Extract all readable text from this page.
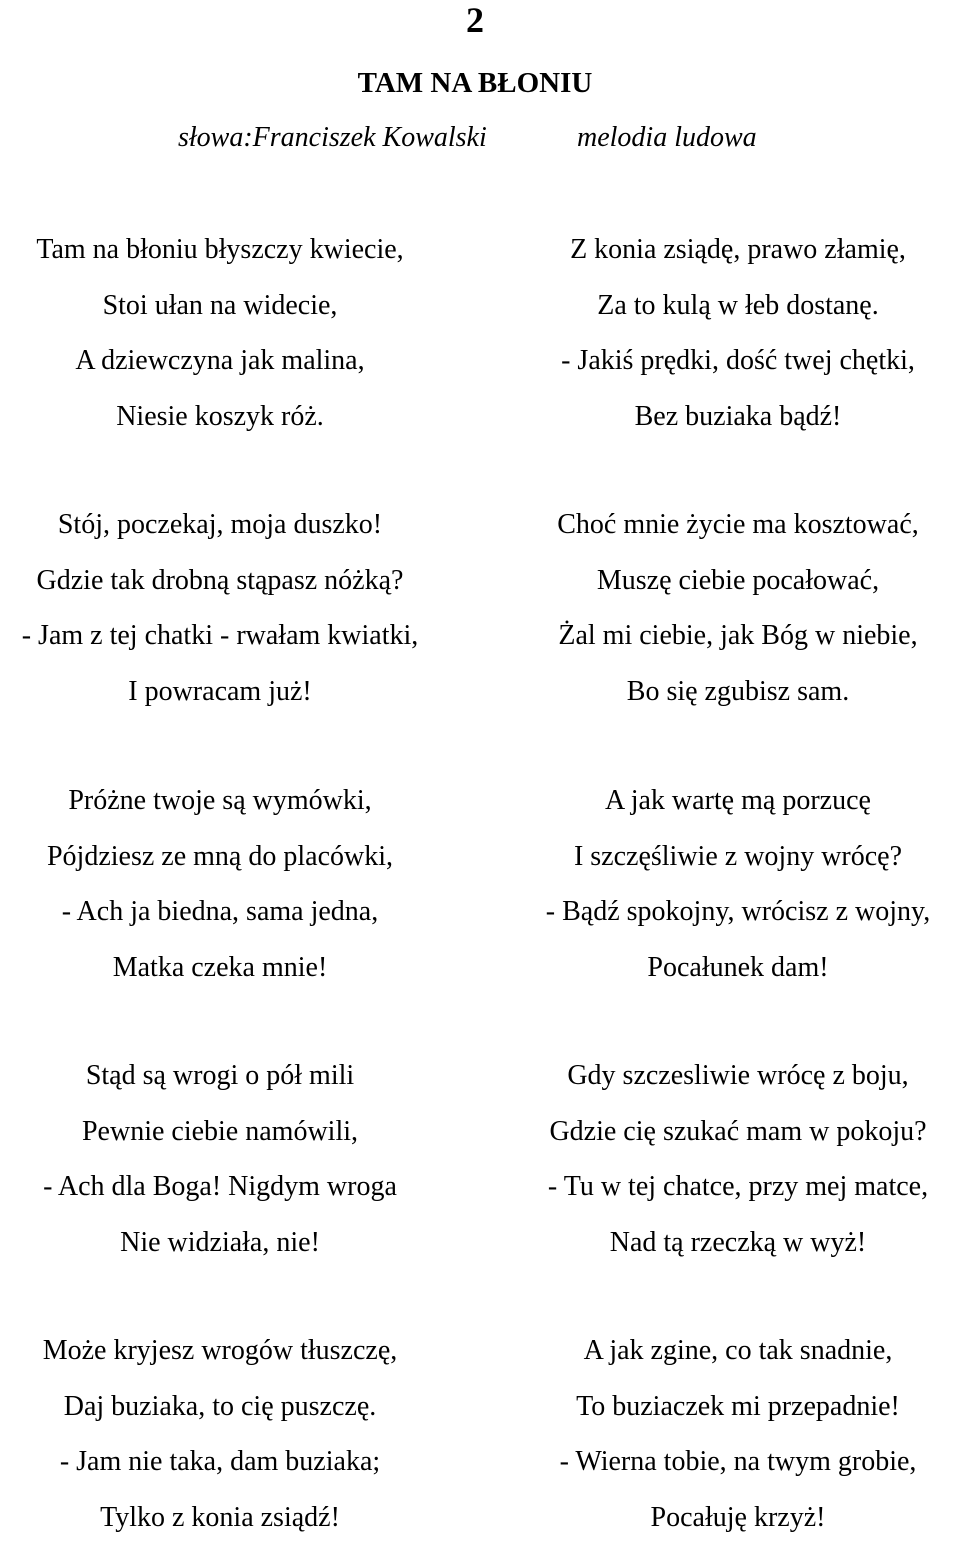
2
TAM NA BŁONIU
słowa:Franciszek Kowalski	melodia ludowa
Tam na błoniu błyszczy kwiecie,
Stoi ułan na widecie,
A dziewczyna jak malina,
Niesie koszyk róż.
Z konia zsiądę, prawo złamię,
Za to kulą w łeb dostanę.
- Jakiś prędki, dość twej chętki,
Bez buziaka bądź!
Stój, poczekaj, moja duszko!
Gdzie tak drobną stąpasz nóżką?
- Jam z tej chatki - rwałam kwiatki,
I powracam już!
Choć mnie życie ma kosztować,
Muszę ciebie pocałować,
Żal mi ciebie, jak Bóg w niebie,
Bo się zgubisz sam.
Próżne twoje są wymówki,
Pójdziesz ze mną do placówki,
- Ach ja biedna, sama jedna,
Matka czeka mnie!
A jak wartę mą porzucę
I szczęśliwie z wojny wrócę?
- Bądź spokojny, wrócisz z wojny,
Pocałunek dam!
Stąd są wrogi o pół mili
Pewnie ciebie namówili,
- Ach dla Boga! Nigdym wroga
Nie widziała, nie!
Gdy szczesliwie wrócę z boju,
Gdzie cię szukać mam w pokoju?
- Tu w tej chatce, przy mej matce,
Nad tą rzeczką w wyż!
Może kryjesz wrogów tłuszczę,
Daj buziaka, to cię puszczę.
- Jam nie taka, dam buziaka;
Tylko z konia zsiądź!
A jak zgine, co tak snadnie,
To buziaczek mi przepadnie!
- Wierna tobie, na twym grobie,
Pocałuję krzyż!
